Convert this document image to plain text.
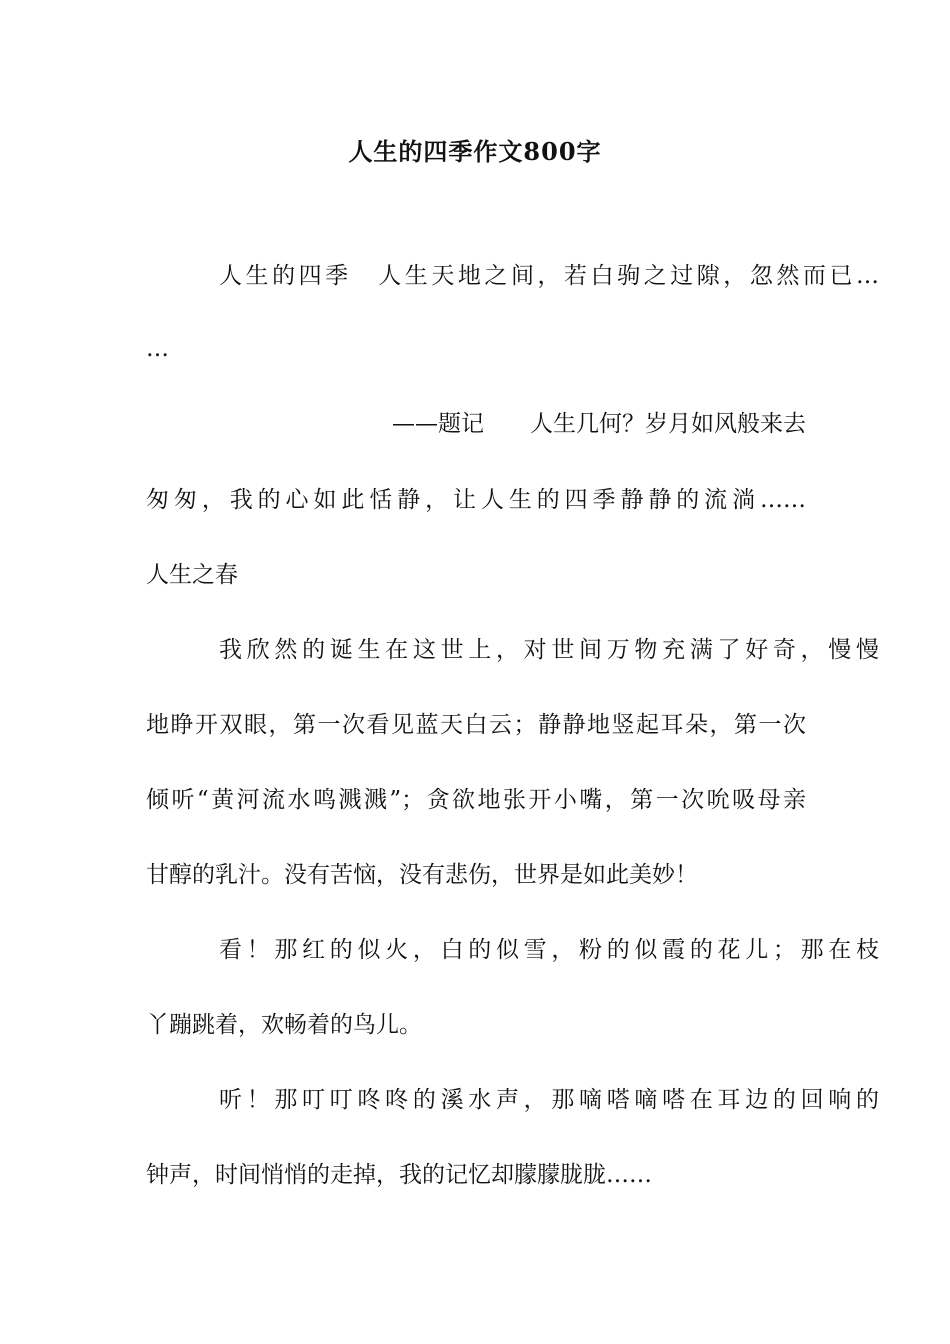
人生的四季作文800字
人生的四季　人生天地之间，若白驹之过隙，忽然而已…
…
——题记　　人生几何？岁月如风般来去
匆匆，我的心如此恬静，让人生的四季静静的流淌……
人生之春
我欣然的诞生在这世上，对世间万物充满了好奇，慢慢
地睁开双眼，第一次看见蓝天白云；静静地竖起耳朵，第一次
倾听“黄河流水鸣溅溅”；贪欲地张开小嘴，第一次吮吸母亲
甘醇的乳汁。没有苦恼，没有悲伤，世界是如此美妙！
看！那红的似火，白的似雪，粉的似霞的花儿；那在枝
丫蹦跳着，欢畅着的鸟儿。
听！那叮叮咚咚的溪水声，那嘀嗒嘀嗒在耳边的回响的
钟声，时间悄悄的走掉，我的记忆却朦朦胧胧……
